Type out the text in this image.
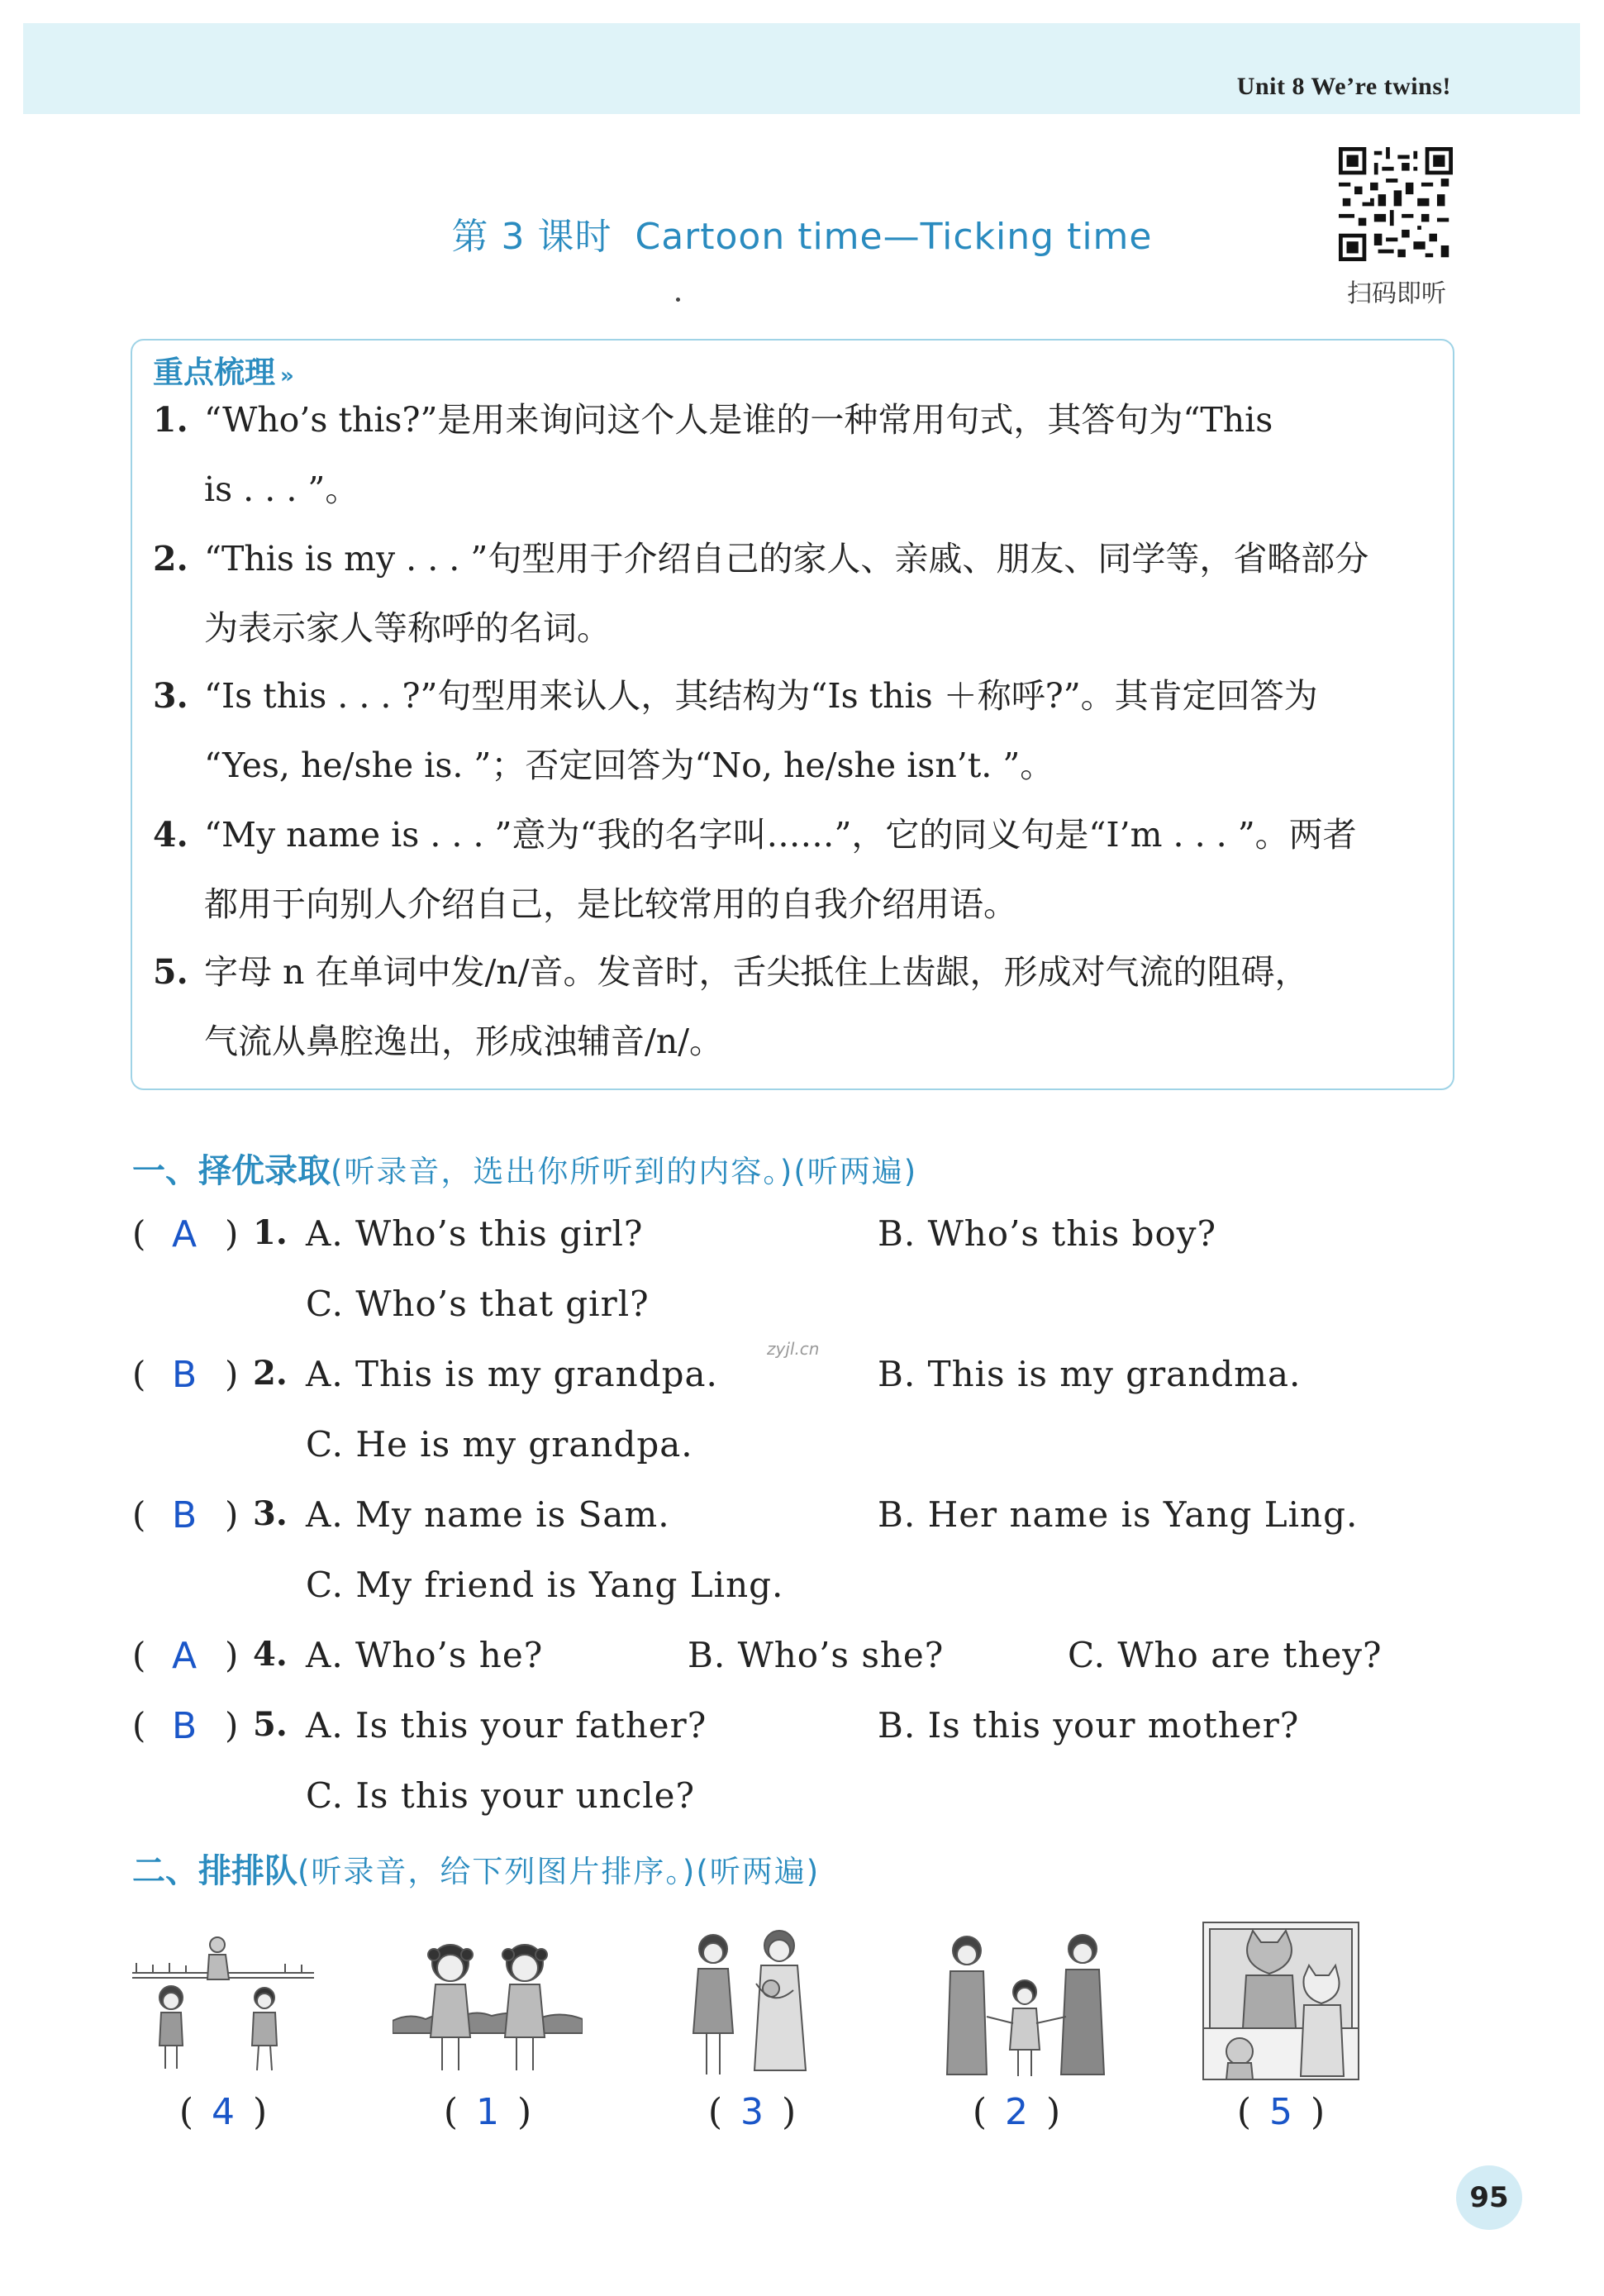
Unit 8 We’re twins!
第 3 课时 Cartoon time—Ticking time
扫码即听
重点梳理 »
1. “Who’s this?”是用来询问这个人是谁的一种常用句式，其答句为“This
is . . . ”。
2. “This is my . . . ”句型用于介绍自己的家人、亲戚、朋友、同学等，省略部分
为表示家人等称呼的名词。
3. “Is this . . . ?”句型用来认人，其结构为“Is this ＋称呼?”。其肯定回答为
“Yes, he/she is. ”；否定回答为“No, he/she isn’t. ”。
4. “My name is . . . ”意为“我的名字叫……”，它的同义句是“I’m . . . ”。两者
都用于向别人介绍自己，是比较常用的自我介绍用语。
5. 字母 n 在单词中发/n/音。发音时，舌尖抵住上齿龈，形成对气流的阻碍，
气流从鼻腔逸出，形成浊辅音/n/。
一、择优录取(听录音，选出你所听到的内容。)(听两遍)
( A ) 1. A. Who’s this girl?	B. Who’s this boy?
C. Who’s that girl?
( B ) 2. A. This is my grandpa.	B. This is my grandma.
C. He is my grandpa.
( B ) 3. A. My name is Sam.	B. Her name is Yang Ling.
C. My friend is Yang Ling.
( A ) 4. A. Who’s he?	B. Who’s she?	C. Who are they?
( B ) 5. A. Is this your father?	B. Is this your mother?
C. Is this your uncle?
zyjl.cn
二、排排队(听录音，给下列图片排序。)(听两遍)
( 4 )	( 1 )	( 3 )	( 2 )	( 5 )
95
